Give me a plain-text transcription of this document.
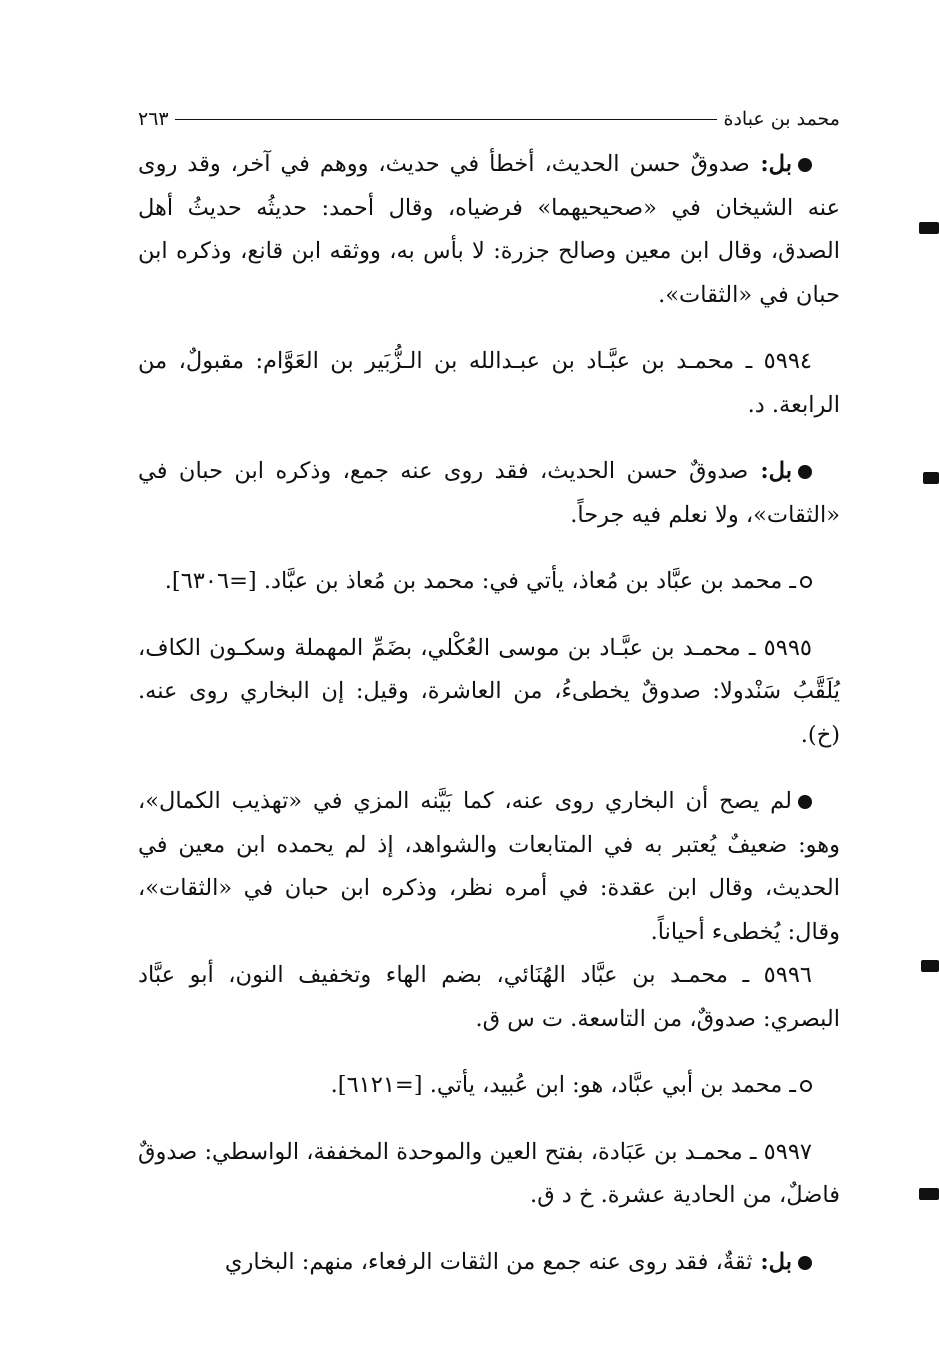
محمد بن عبادة
٢٦٣

بل: صدوقٌ حسن الحديث، أخطأ في حديث، ووهم في آخر، وقد روى عنه الشيخان في «صحيحيهما» فرضياه، وقال أحمد: حديثُه حديثُ أهل الصدق، وقال ابن معين وصالح جزرة: لا بأس به، ووثقه ابن قانع، وذكره ابن حبان في «الثقات».

٥٩٩٤ ـ محمـد بن عبَّـاد بن عبـدالله بن الـزُّبَير بن العَوَّام: مقبولٌ، من الرابعة. د.

بل: صدوقٌ حسن الحديث، فقد روى عنه جمع، وذكره ابن حبان في «الثقات»، ولا نعلم فيه جرحاً.

ـ محمد بن عبَّاد بن مُعاذ، يأتي في: محمد بن مُعاذ بن عبَّاد. [=٦٣٠٦].

٥٩٩٥ ـ محمـد بن عبَّـاد بن موسى العُكْلي، بضَمِّ المهملة وسكـون الكاف، يُلَقَّبُ سَنْدولا: صدوقٌ يخطىءُ، من العاشرة، وقيل: إن البخاري روى عنه. (خ).

لم يصح أن البخاري روى عنه، كما بَيَّنه المزي في «تهذيب الكمال»، وهو: ضعيفٌ يُعتبر به في المتابعات والشواهد، إذ لم يحمده ابن معين في الحديث، وقال ابن عقدة: في أمره نظر، وذكره ابن حبان في «الثقات»، وقال: يُخطىء أحياناً.

٥٩٩٦ ـ محمـد بن عبَّاد الهُنَائي، بضم الهاء وتخفيف النون، أبو عبَّاد البصري: صدوقٌ، من التاسعة. ت س ق.

ـ محمد بن أبي عبَّاد، هو: ابن عُبيد، يأتي. [=٦١٢١].

٥٩٩٧ ـ محمـد بن عَبَادة، بفتح العين والموحدة المخففة، الواسطي: صدوقٌ فاضلٌ، من الحادية عشرة. خ د ق.

بل: ثقةٌ، فقد روى عنه جمع من الثقات الرفعاء، منهم: البخاري
